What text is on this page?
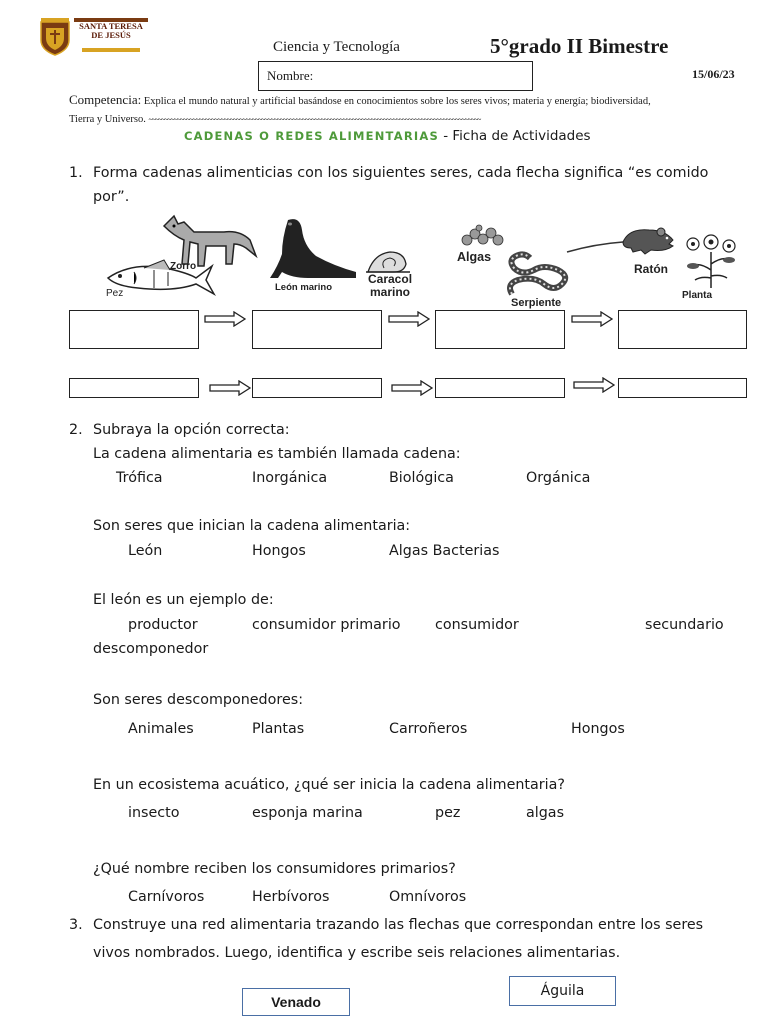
SANTA TERESA
DE JESÚS
Ciencia y Tecnología	5°grado II Bimestre
Nombre:	15/06/23
Competencia: Explica el mundo natural y artificial basándose en conocimientos sobre los seres vivos; materia y energía; biodiversidad,
Tierra y Universo. ~~~~~~~~~~~~~~~~~~~~~~~~~~~~~~~~~~~~~~~~~~~~~~~~~~~~~~~~~~~~~~~~~~~~~~~~~~~~~~~~~~~~~~~~~~~~~~~~~~~~~~~~~~
CADENAS O REDES ALIMENTARIAS - Ficha de Actividades
1. Forma cadenas alimenticias con los siguientes seres, cada flecha significa “es comido
por”.
Pez
Zorro
León marino
Caracol
marino
Algas
Serpiente
Ratón
Planta
2. Subraya la opción correcta:
La cadena alimentaria es también llamada cadena:
Trófica	Inorgánica	Biológica	Orgánica
Son seres que inician la cadena alimentaria:
León	Hongos	Algas Bacterias
El león es un ejemplo de:
productor	consumidor primario consumidor	secundario
descomponedor
Son seres descomponedores:
Animales	Plantas	Carroñeros	Hongos
En un ecosistema acuático, ¿qué ser inicia la cadena alimentaria?
insecto	esponja marina	pez	algas
¿Qué nombre reciben los consumidores primarios?
Carnívoros	Herbívoros	Omnívoros
3. Construye una red alimentaria trazando las flechas que correspondan entre los seres
vivos nombrados. Luego, identifica y escribe seis relaciones alimentarias.
Venado
Águila
